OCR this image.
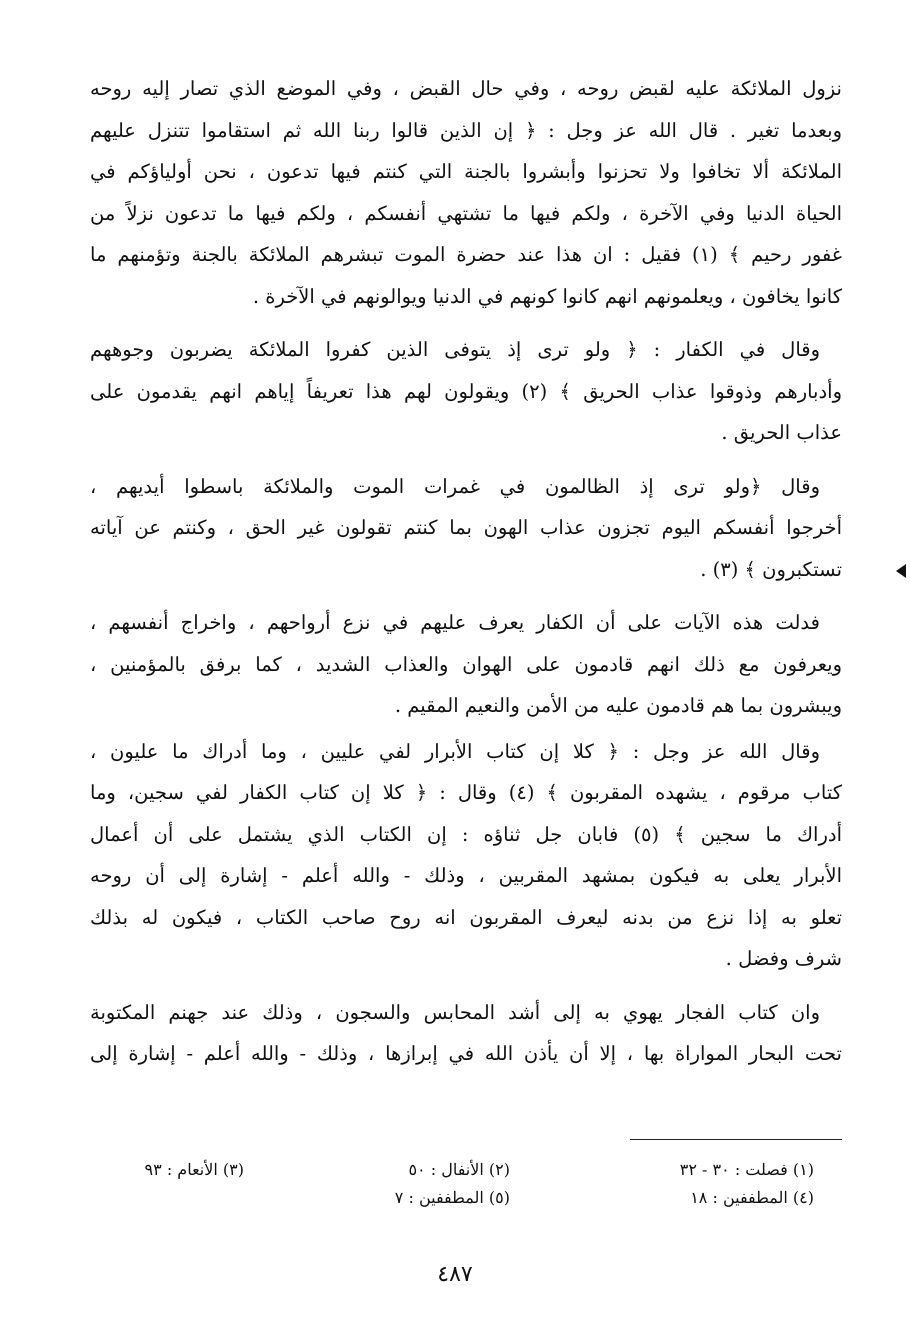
نزول الملائكة عليه لقبض روحه ، وفي حال القبض ، وفي الموضع الذي تصار إليه روحه

وبعدما تغير . قال الله عز وجل : ﴿ إن الذين قالوا ربنا الله ثم استقاموا تتنزل عليهم

الملائكة ألا تخافوا ولا تحزنوا وأبشروا بالجنة التي كنتم فيها تدعون ، نحن أولياؤكم في

الحياة الدنيا وفي الآخرة ، ولكم فيها ما تشتهي أنفسكم ، ولكم فيها ما تدعون نزلاً من

غفور رحيم ﴾ (١) فقيل : ان هذا عند حضرة الموت تبشرهم الملائكة بالجنة وتؤمنهم ما

كانوا يخافون ، ويعلمونهم انهم كانوا كونهم في الدنيا ويوالونهم في الآخرة .

وقال في الكفار : ﴿ ولو ترى إذ يتوفى الذين كفروا الملائكة يضربون وجوههم

وأدبارهم وذوقوا عذاب الحريق ﴾ (٢) ويقولون لهم هذا تعريفاً إياهم انهم يقدمون على

عذاب الحريق .

وقال ﴿ولو ترى إذ الظالمون في غمرات الموت والملائكة باسطوا أيديهم ،

أخرجوا أنفسكم اليوم تجزون عذاب الهون بما كنتم تقولون غير الحق ، وكنتم عن آياته

تستكبرون ﴾ (٣) .

فدلت هذه الآيات على أن الكفار يعرف عليهم في نزع أرواحهم ، واخراج أنفسهم ،

ويعرفون مع ذلك انهم قادمون على الهوان والعذاب الشديد ، كما برفق بالمؤمنين ،

ويبشرون بما هم قادمون عليه من الأمن والنعيم المقيم .

وقال الله عز وجل : ﴿ كلا إن كتاب الأبرار لفي عليين ، وما أدراك ما عليون ،

كتاب مرقوم ، يشهده المقربون ﴾ (٤) وقال : ﴿ كلا إن كتاب الكفار لفي سجين، وما

أدراك ما سجين ﴾ (٥) فابان جل ثناؤه : إن الكتاب الذي يشتمل على أن أعمال

الأبرار يعلى به فيكون بمشهد المقربين ، وذلك - والله أعلم - إشارة إلى أن روحه

تعلو به إذا نزع من بدنه ليعرف المقربون انه روح صاحب الكتاب ، فيكون له بذلك

شرف وفضل .

وان كتاب الفجار يهوي به إلى أشد المحابس والسجون ، وذلك عند جهنم المكتوبة

تحت البحار المواراة بها ، إلا أن يأذن الله في إبرازها ، وذلك - والله أعلم - إشارة إلى

(١) فصلت : ٣٠ - ٣٢
(٢) الأنفال : ٥٠
(٣) الأنعام : ٩٣
(٤) المطففين : ١٨
(٥) المطففين : ٧
٤٨٧
